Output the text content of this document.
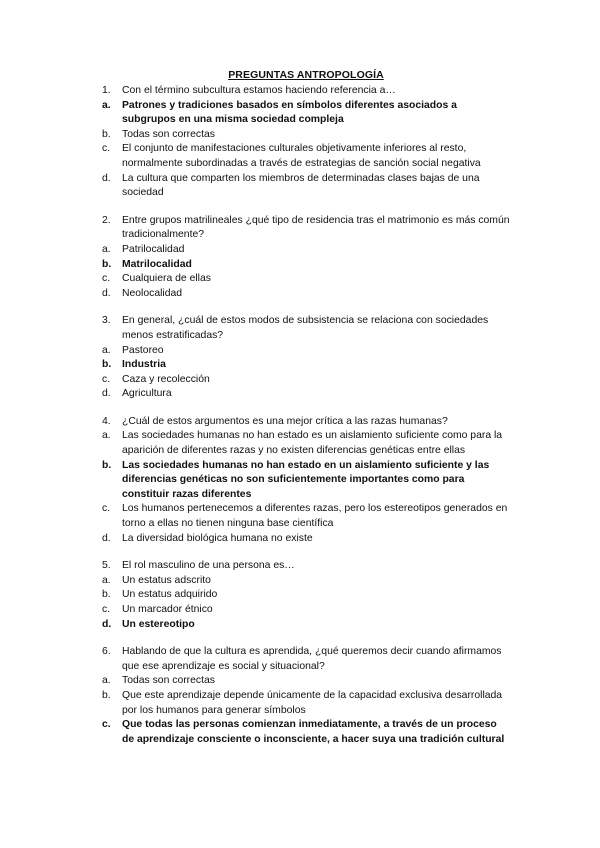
PREGUNTAS ANTROPOLOGÍA
1.	Con el término subcultura estamos haciendo referencia a…
a.	Patrones y tradiciones basados en símbolos diferentes asociados a subgrupos en una misma sociedad compleja
b.	Todas son correctas
c.	El conjunto de manifestaciones culturales objetivamente inferiores al resto, normalmente subordinadas a través de estrategias de sanción social negativa
d.	La cultura que comparten los miembros de determinadas clases bajas de una sociedad
2.	Entre grupos matrilineales ¿qué tipo de residencia tras el matrimonio es más común tradicionalmente?
a.	Patrilocalidad
b.	Matrilocalidad
c.	Cualquiera de ellas
d.	Neolocalidad
3.	En general, ¿cuál de estos modos de subsistencia se relaciona con sociedades menos estratificadas?
a.	Pastoreo
b.	Industria
c.	Caza y recolección
d.	Agricultura
4.	¿Cuál de estos argumentos es una mejor crítica a las razas humanas?
a.	Las sociedades humanas no han estado es un aislamiento suficiente como para la aparición de diferentes razas y no existen diferencias genéticas entre ellas
b.	Las sociedades humanas no han estado en un aislamiento suficiente y las diferencias genéticas no son suficientemente importantes como para constituir razas diferentes
c.	Los humanos pertenecemos a diferentes razas, pero los estereotipos generados en torno a ellas no tienen ninguna base científica
d.	La diversidad biológica humana no existe
5.	El rol masculino de una persona es…
a.	Un estatus adscrito
b.	Un estatus adquirido
c.	Un marcador étnico
d.	Un estereotipo
6.	Hablando de que la cultura es aprendida, ¿qué queremos decir cuando afirmamos que ese aprendizaje es social y situacional?
a.	Todas son correctas
b.	Que este aprendizaje depende únicamente de la capacidad exclusiva desarrollada por los humanos para generar símbolos
c.	Que todas las personas comienzan inmediatamente, a través de un proceso de aprendizaje consciente o inconsciente, a hacer suya una tradición cultural
